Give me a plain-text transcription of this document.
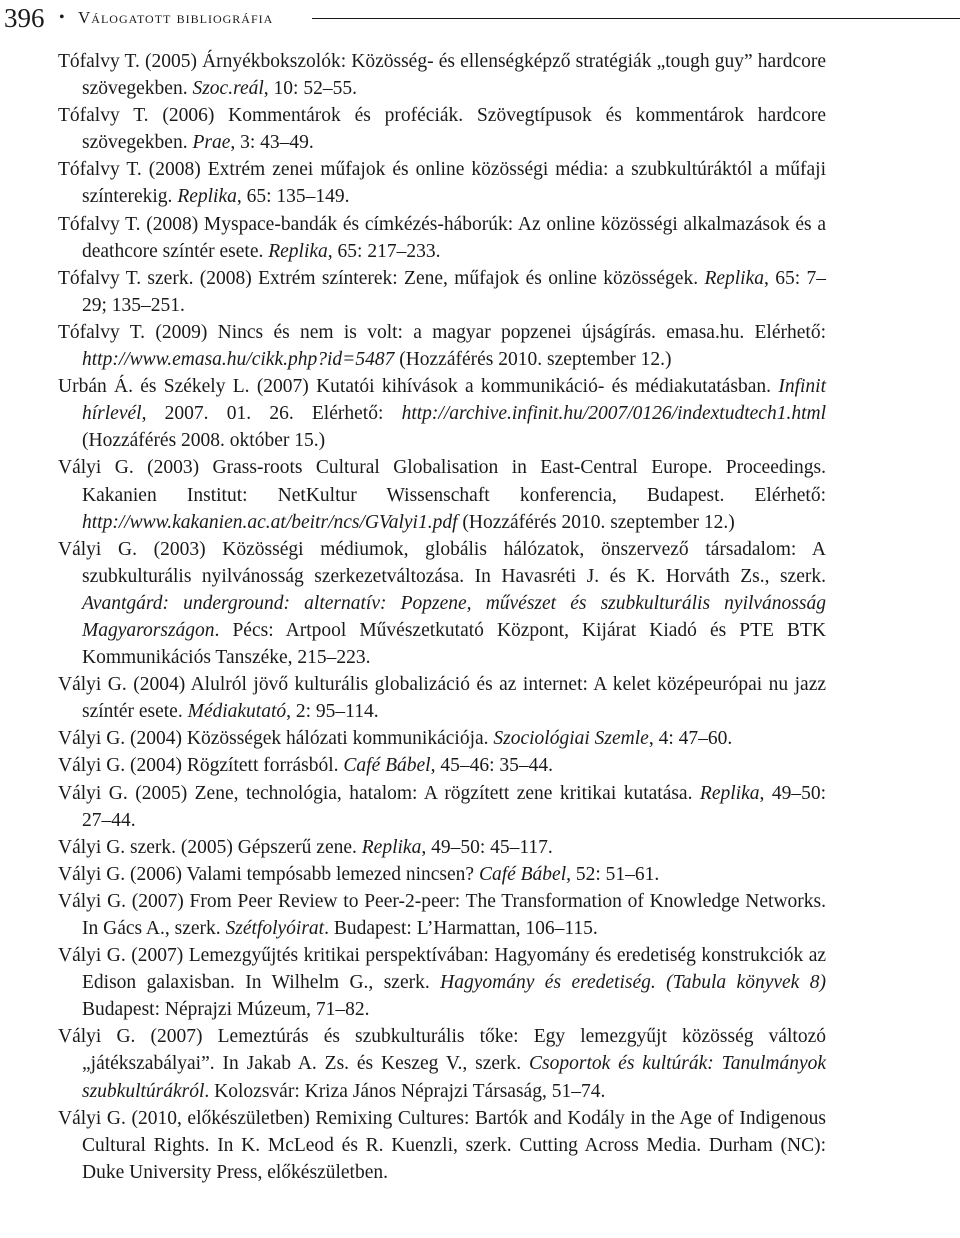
396 • Válogatott bibliográfia
Tófalvy T. (2005) Árnyékbokszolók: Közösség- és ellenségképző stratégiák „tough guy” hardcore szövegekben. Szoc.reál, 10: 52–55.
Tófalvy T. (2006) Kommentárok és proféciák. Szövegtípusok és kommentárok hardcore szövegekben. Prae, 3: 43–49.
Tófalvy T. (2008) Extrém zenei műfajok és online közösségi média: a szubkultúráktól a műfaji színterekig. Replika, 65: 135–149.
Tófalvy T. (2008) Myspace-bandák és címkézés-háborúk: Az online közösségi alkalmazások és a deathcore színtér esete. Replika, 65: 217–233.
Tófalvy T. szerk. (2008) Extrém színterek: Zene, műfajok és online közösségek. Replika, 65: 7–29; 135–251.
Tófalvy T. (2009) Nincs és nem is volt: a magyar popzenei újságírás. emasa.hu. Elérhető: http://www.emasa.hu/cikk.php?id=5487 (Hozzáférés 2010. szeptember 12.)
Urbán Á. és Székely L. (2007) Kutatói kihívások a kommunikáció- és médiakutatásban. Infinit hírlevél, 2007. 01. 26. Elérhető: http://archive.infinit.hu/2007/0126/indextudtech1.html (Hozzáférés 2008. október 15.)
Vályi G. (2003) Grass-roots Cultural Globalisation in East-Central Europe. Proceedings. Kakanien Institut: NetKultur Wissenschaft konferencia, Budapest. Elérhető: http://www.kakanien.ac.at/beitr/ncs/GValyi1.pdf (Hozzáférés 2010. szeptember 12.)
Vályi G. (2003) Közösségi médiumok, globális hálózatok, önszervező társadalom: A szubkulturális nyilvánosság szerkezetváltozása. In Havasréti J. és K. Horváth Zs., szerk. Avantgárd: underground: alternatív: Popzene, művészet és szubkulturális nyilvánosság Magyarországon. Pécs: Artpool Művészetkutató Központ, Kijárat Kiadó és PTE BTK Kommunikációs Tanszéke, 215–223.
Vályi G. (2004) Alulról jövő kulturális globalizáció és az internet: A kelet középeurópai nu jazz színtér esete. Médiakutató, 2: 95–114.
Vályi G. (2004) Közösségek hálózati kommunikációja. Szociológiai Szemle, 4: 47–60.
Vályi G. (2004) Rögzített forrásból. Café Bábel, 45–46: 35–44.
Vályi G. (2005) Zene, technológia, hatalom: A rögzített zene kritikai kutatása. Replika, 49–50: 27–44.
Vályi G. szerk. (2005) Gépszerű zene. Replika, 49–50: 45–117.
Vályi G. (2006) Valami tempósabb lemezed nincsen? Café Bábel, 52: 51–61.
Vályi G. (2007) From Peer Review to Peer-2-peer: The Transformation of Knowledge Networks. In Gács A., szerk. Szétfolyóirat. Budapest: L’Harmattan, 106–115.
Vályi G. (2007) Lemezgyűjtés kritikai perspektívában: Hagyomány és eredetiség konstrukciók az Edison galaxisban. In Wilhelm G., szerk. Hagyomány és eredetiség. (Tabula könyvek 8) Budapest: Néprajzi Múzeum, 71–82.
Vályi G. (2007) Lemeztúrás és szubkulturális tőke: Egy lemezgyűjt közösség változó „játékszabályai”. In Jakab A. Zs. és Keszeg V., szerk. Csoportok és kultúrák: Tanulmányok szubkultúrákról. Kolozsvár: Kriza János Néprajzi Társaság, 51–74.
Vályi G. (2010, előkészületben) Remixing Cultures: Bartók and Kodály in the Age of Indigenous Cultural Rights. In K. McLeod és R. Kuenzli, szerk. Cutting Across Media. Durham (NC): Duke University Press, előkészületben.
